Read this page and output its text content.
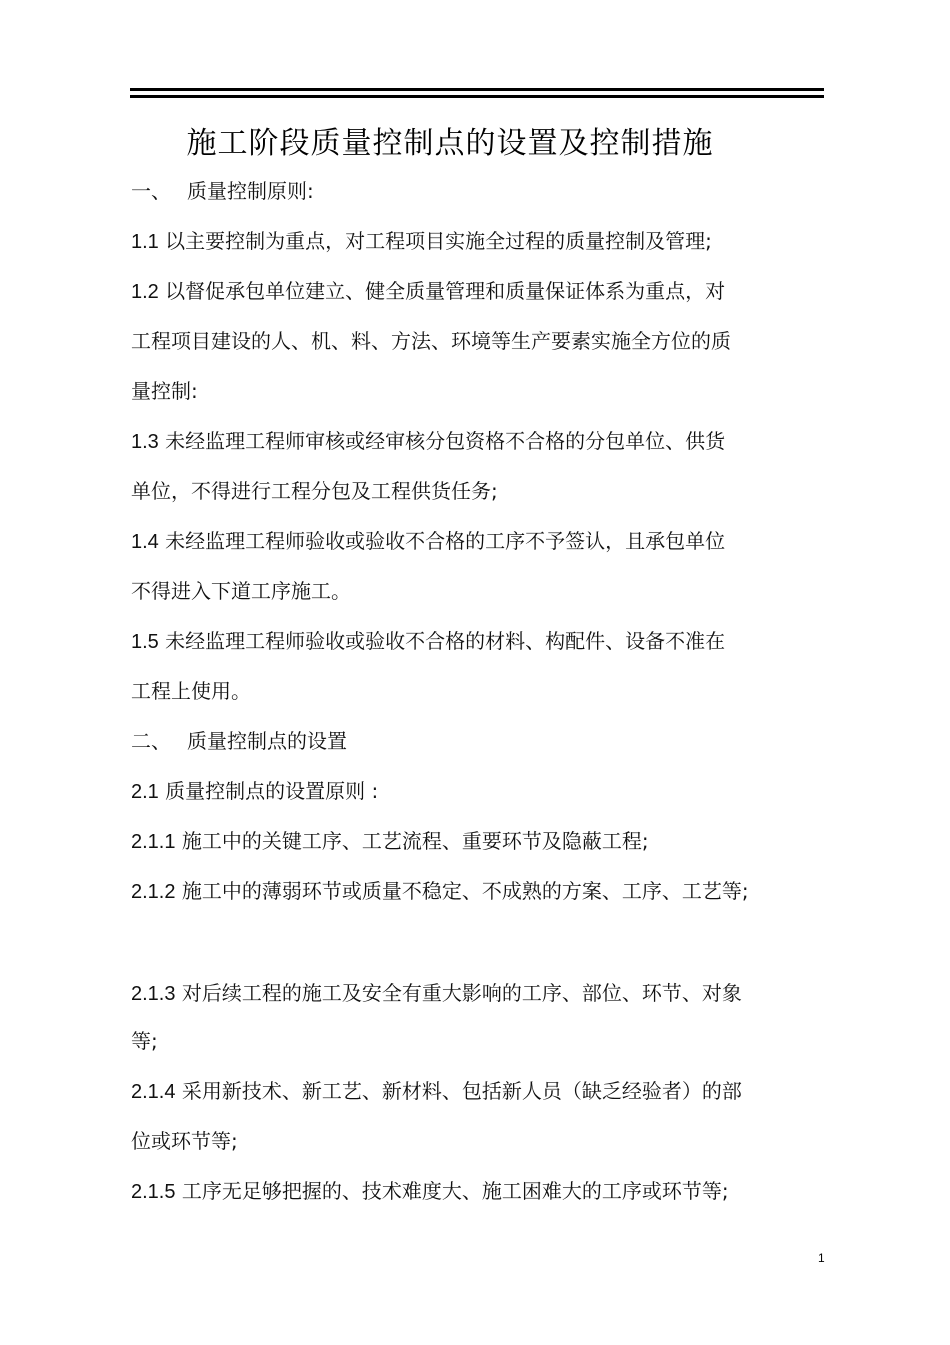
施工阶段质量控制点的设置及控制措施
一、 质量控制原则:
1.1 以主要控制为重点，对工程项目实施全过程的质量控制及管理;
1.2 以督促承包单位建立、健全质量管理和质量保证体系为重点，对
工程项目建设的人、机、料、方法、环境等生产要素实施全方位的质
量控制:
1.3 未经监理工程师审核或经审核分包资格不合格的分包单位、供货
单位，不得进行工程分包及工程供货任务;
1.4 未经监理工程师验收或验收不合格的工序不予签认，且承包单位
不得进入下道工序施工。
1.5 未经监理工程师验收或验收不合格的材料、构配件、设备不准在
工程上使用。
二、 质量控制点的设置
2.1 质量控制点的设置原则 :
2.1.1 施工中的关键工序、工艺流程、重要环节及隐蔽工程;
2.1.2 施工中的薄弱环节或质量不稳定、不成熟的方案、工序、工艺等;
2.1.3 对后续工程的施工及安全有重大影响的工序、部位、环节、对象
等;
2.1.4 采用新技术、新工艺、新材料、包括新人员（缺乏经验者）的部
位或环节等;
2.1.5 工序无足够把握的、技术难度大、施工困难大的工序或环节等;
1
